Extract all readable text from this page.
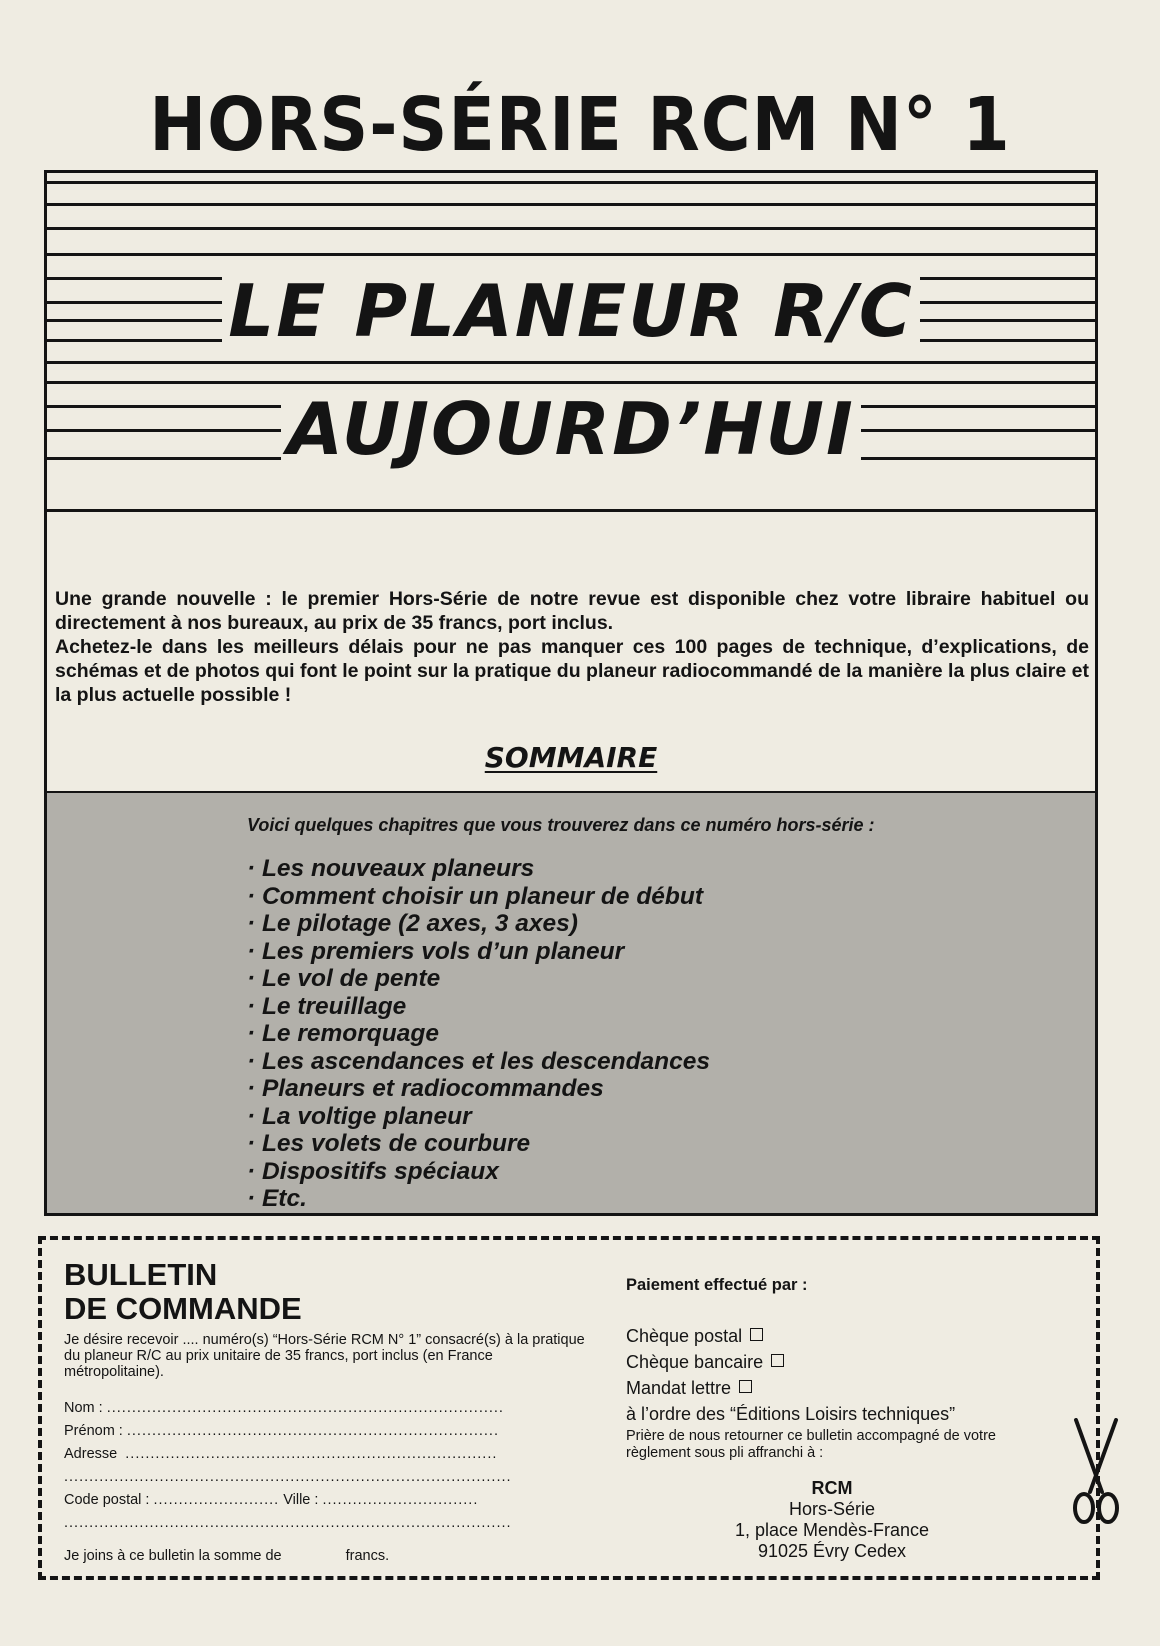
HORS-SÉRIE RCM N° 1
LE PLANEUR R/C
AUJOURD’HUI

Une grande nouvelle : le premier Hors-Série de notre revue est disponible chez votre libraire habituel ou directement à nos bureaux, au prix de 35 francs, port inclus.

Achetez-le dans les meilleurs délais pour ne pas manquer ces 100 pages de technique, d’explications, de schémas et de photos qui font le point sur la pratique du planeur radiocommandé de la manière la plus claire et la plus actuelle possible !

SOMMAIRE
Voici quelques chapitres que vous trouverez dans ce numéro hors-série :
· Les nouveaux planeurs
· Comment choisir un planeur de début
· Le pilotage (2 axes, 3 axes)
· Les premiers vols d’un planeur
· Le vol de pente
· Le treuillage
· Le remorquage
· Les ascendances et les descendances
· Planeurs et radiocommandes
· La voltige planeur
· Les volets de courbure
· Dispositifs spéciaux
· Etc.
BULLETIN
DE COMMANDE
Je désire recevoir .... numéro(s) “Hors-Série RCM N° 1” consacré(s) à la pratique du planeur R/C au prix unitaire de 35 francs, port inclus (en France métropolitaine).
Nom : ...............................................................................
Prénom : ..........................................................................
Adresse ..........................................................................
.........................................................................................
Code postal : ......................... Ville : ...............................
.........................................................................................
Je joins à ce bulletin la somme de	francs.
Paiement effectué par :
Chèque postal
Chèque bancaire
Mandat lettre
à l’ordre des “Éditions Loisirs techniques”
Prière de nous retourner ce bulletin accompagné de votre règlement sous pli affranchi à :
RCM
Hors-Série
1, place Mendès-France
91025 Évry Cedex
